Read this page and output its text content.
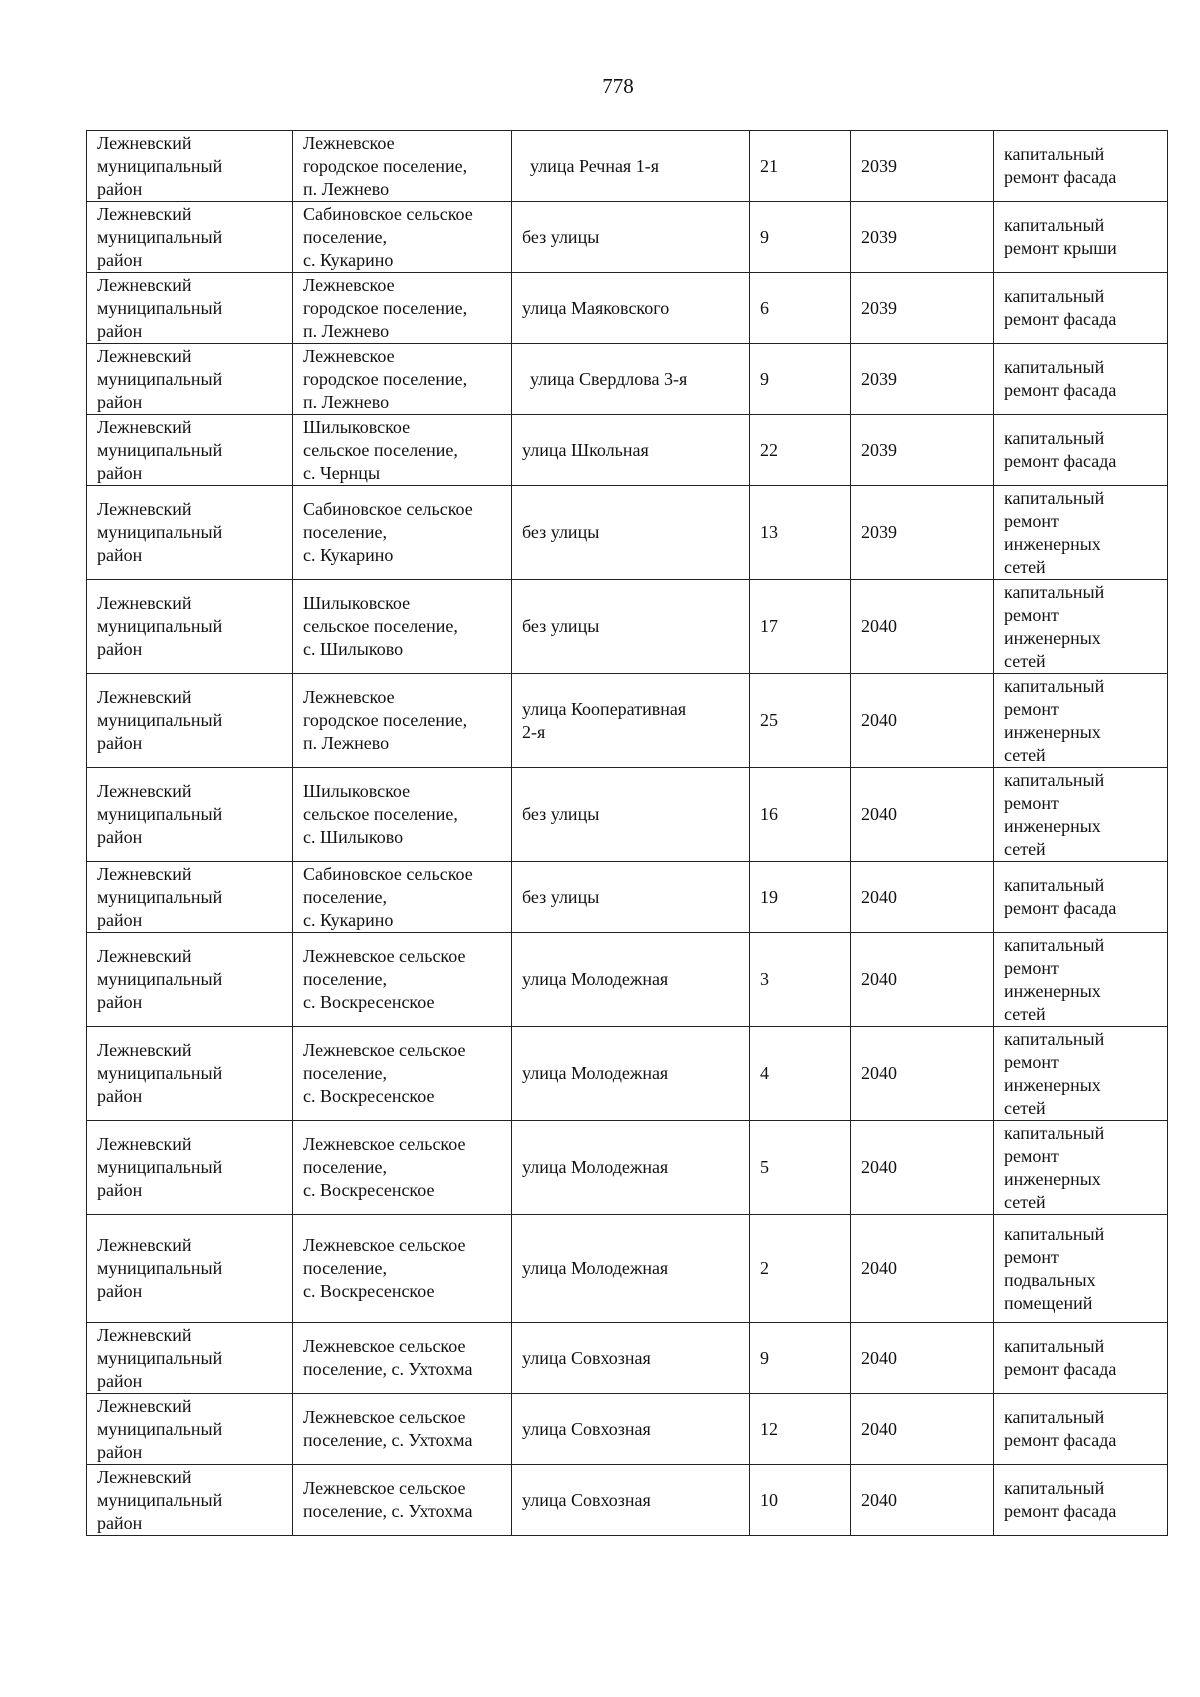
778
Лежневский
муниципальный
район	Лежневское
городское поселение,
п. Лежнево	улица Речная 1-я	21	2039	капитальный
ремонт фасада
Лежневский
муниципальный
район	Сабиновское сельское
поселение,
с. Кукарино	без улицы	9	2039	капитальный
ремонт крыши
Лежневский
муниципальный
район	Лежневское
городское поселение,
п. Лежнево	улица Маяковского	6	2039	капитальный
ремонт фасада
Лежневский
муниципальный
район	Лежневское
городское поселение,
п. Лежнево	улица Свердлова 3-я	9	2039	капитальный
ремонт фасада
Лежневский
муниципальный
район	Шилыковское
сельское поселение,
с. Чернцы	улица Школьная	22	2039	капитальный
ремонт фасада
Лежневский
муниципальный
район	Сабиновское сельское
поселение,
с. Кукарино	без улицы	13	2039	капитальный
ремонт
инженерных
сетей
Лежневский
муниципальный
район	Шилыковское
сельское поселение,
с. Шилыково	без улицы	17	2040	капитальный
ремонт
инженерных
сетей
Лежневский
муниципальный
район	Лежневское
городское поселение,
п. Лежнево	улица Кооперативная
2-я	25	2040	капитальный
ремонт
инженерных
сетей
Лежневский
муниципальный
район	Шилыковское
сельское поселение,
с. Шилыково	без улицы	16	2040	капитальный
ремонт
инженерных
сетей
Лежневский
муниципальный
район	Сабиновское сельское
поселение,
с. Кукарино	без улицы	19	2040	капитальный
ремонт фасада
Лежневский
муниципальный
район	Лежневское сельское
поселение,
с. Воскресенское	улица Молодежная	3	2040	капитальный
ремонт
инженерных
сетей
Лежневский
муниципальный
район	Лежневское сельское
поселение,
с. Воскресенское	улица Молодежная	4	2040	капитальный
ремонт
инженерных
сетей
Лежневский
муниципальный
район	Лежневское сельское
поселение,
с. Воскресенское	улица Молодежная	5	2040	капитальный
ремонт
инженерных
сетей
Лежневский
муниципальный
район	Лежневское сельское
поселение,
с. Воскресенское	улица Молодежная	2	2040	капитальный
ремонт
подвальных
помещений
Лежневский
муниципальный
район	Лежневское сельское
поселение, с. Ухтохма	улица Совхозная	9	2040	капитальный
ремонт фасада
Лежневский
муниципальный
район	Лежневское сельское
поселение, с. Ухтохма	улица Совхозная	12	2040	капитальный
ремонт фасада
Лежневский
муниципальный
район	Лежневское сельское
поселение, с. Ухтохма	улица Совхозная	10	2040	капитальный
ремонт фасада
